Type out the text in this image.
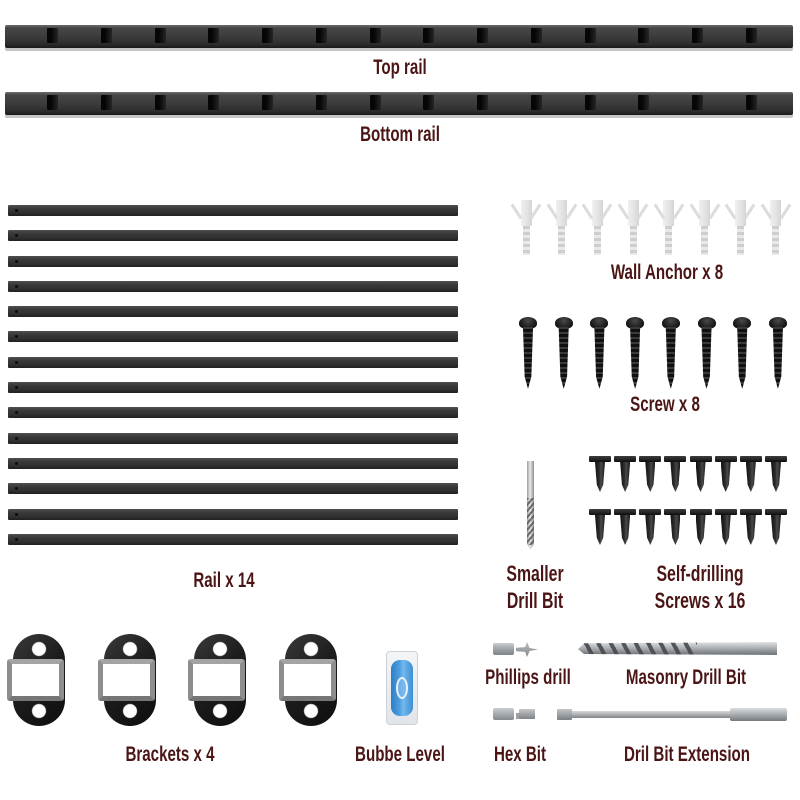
Top rail
Bottom rail
Rail x 14
Wall Anchor x 8
Screw x 8
Smaller
Drill Bit
Self-drilling
Screws x 16
Brackets x 4	Bubbe Level
Phillips drill	Masonry Drill Bit
Hex Bit	Dril Bit Extension
